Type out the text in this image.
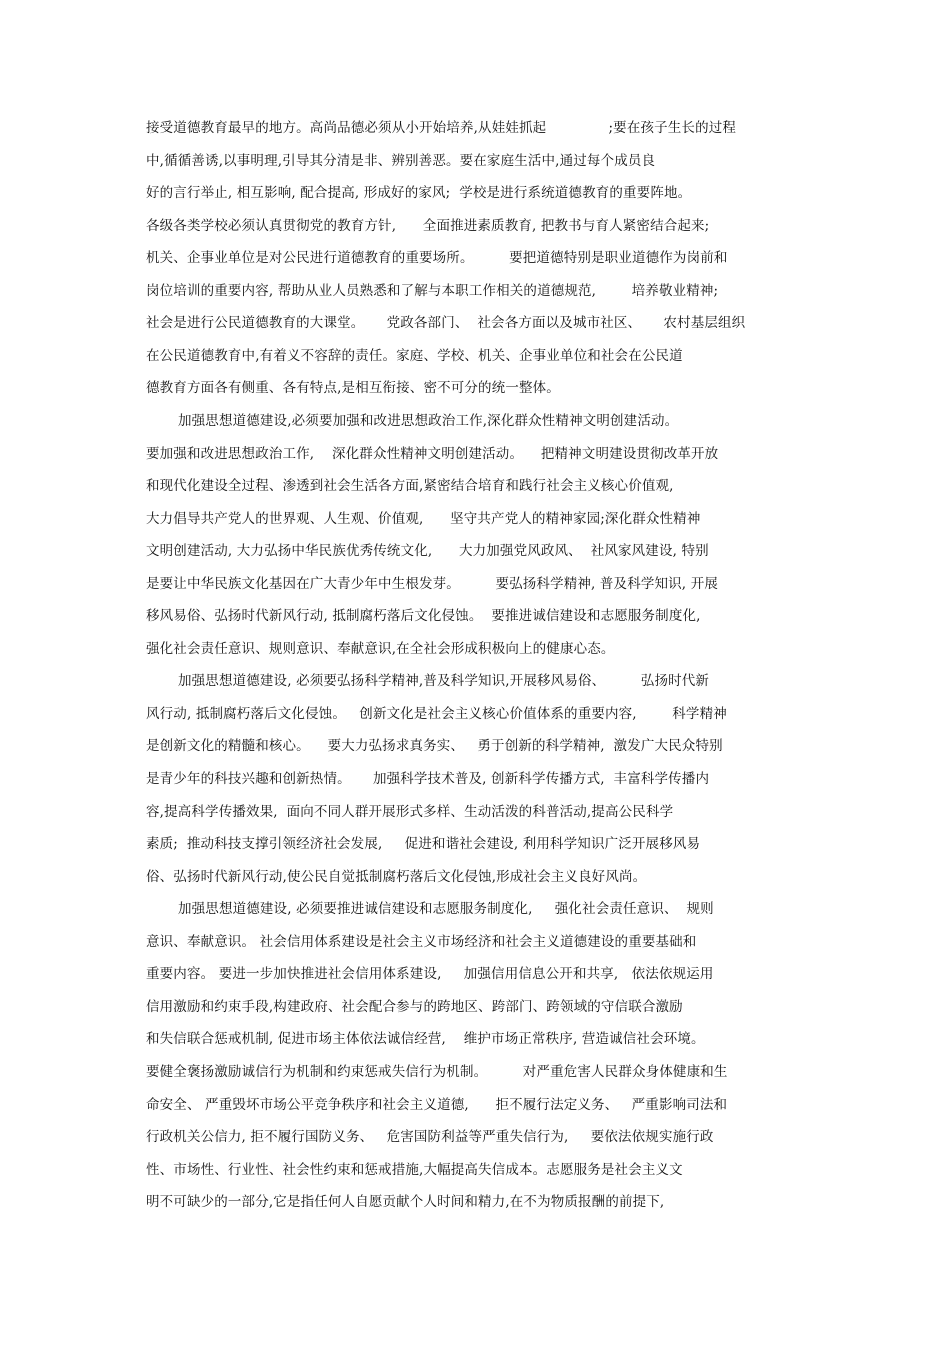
接受道德教育最早的地方。高尚品德必须从小开始培养,从娃娃抓起              ;要在孩子生长的过程

中,循循善诱,以事明理,引导其分清是非、辨别善恶。要在家庭生活中,通过每个成员良

好的言行举止, 相互影响, 配合提高, 形成好的家风;  学校是进行系统道德教育的重要阵地。

各级各类学校必须认真贯彻党的教育方针,      全面推进素质教育, 把教书与育人紧密结合起来;

机关、企事业单位是对公民进行道德教育的重要场所。        要把道德特别是职业道德作为岗前和

岗位培训的重要内容, 帮助从业人员熟悉和了解与本职工作相关的道德规范,        培养敬业精神;

社会是进行公民道德教育的大课堂。     党政各部门、  社会各方面以及城市社区、     农村基层组织

在公民道德教育中,有着义不容辞的责任。家庭、学校、机关、企事业单位和社会在公民道

德教育方面各有侧重、各有特点,是相互衔接、密不可分的统一整体。

加强思想道德建设,必须要加强和改进思想政治工作,深化群众性精神文明创建活动。

要加强和改进思想政治工作,    深化群众性精神文明创建活动。    把精神文明建设贯彻改革开放

和现代化建设全过程、渗透到社会生活各方面,紧密结合培育和践行社会主义核心价值观,

大力倡导共产党人的世界观、人生观、价值观,      坚守共产党人的精神家园;深化群众性精神

文明创建活动, 大力弘扬中华民族优秀传统文化,      大力加强党风政风、  社风家风建设, 特别

是要让中华民族文化基因在广大青少年中生根发芽。        要弘扬科学精神, 普及科学知识, 开展

移风易俗、弘扬时代新风行动, 抵制腐朽落后文化侵蚀。  要推进诚信建设和志愿服务制度化,

强化社会责任意识、规则意识、奉献意识,在全社会形成积极向上的健康心态。

加强思想道德建设, 必须要弘扬科学精神,普及科学知识,开展移风易俗、        弘扬时代新

风行动, 抵制腐朽落后文化侵蚀。   创新文化是社会主义核心价值体系的重要内容,        科学精神

是创新文化的精髓和核心。    要大力弘扬求真务实、   勇于创新的科学精神,  激发广大民众特别

是青少年的科技兴趣和创新热情。     加强科学技术普及, 创新科学传播方式,  丰富科学传播内

容,提高科学传播效果,  面向不同人群开展形式多样、生动活泼的科普活动,提高公民科学

素质;  推动科技支撑引领经济社会发展,     促进和谐社会建设, 利用科学知识广泛开展移风易

俗、弘扬时代新风行动,使公民自觉抵制腐朽落后文化侵蚀,形成社会主义良好风尚。

加强思想道德建设, 必须要推进诚信建设和志愿服务制度化,     强化社会责任意识、  规则

意识、奉献意识。 社会信用体系建设是社会主义市场经济和社会主义道德建设的重要基础和

重要内容。 要进一步加快推进社会信用体系建设,     加强信用信息公开和共享,   依法依规运用

信用激励和约束手段,构建政府、社会配合参与的跨地区、跨部门、跨领域的守信联合激励

和失信联合惩戒机制, 促进市场主体依法诚信经营,    维护市场正常秩序, 营造诚信社会环境。

要健全褒扬激励诚信行为机制和约束惩戒失信行为机制。        对严重危害人民群众身体健康和生

命安全、 严重毁坏市场公平竞争秩序和社会主义道德,      拒不履行法定义务、   严重影响司法和

行政机关公信力, 拒不履行国防义务、   危害国防利益等严重失信行为,     要依法依规实施行政

性、市场性、行业性、社会性约束和惩戒措施,大幅提高失信成本。志愿服务是社会主义文

明不可缺少的一部分,它是指任何人自愿贡献个人时间和精力,在不为物质报酬的前提下,
